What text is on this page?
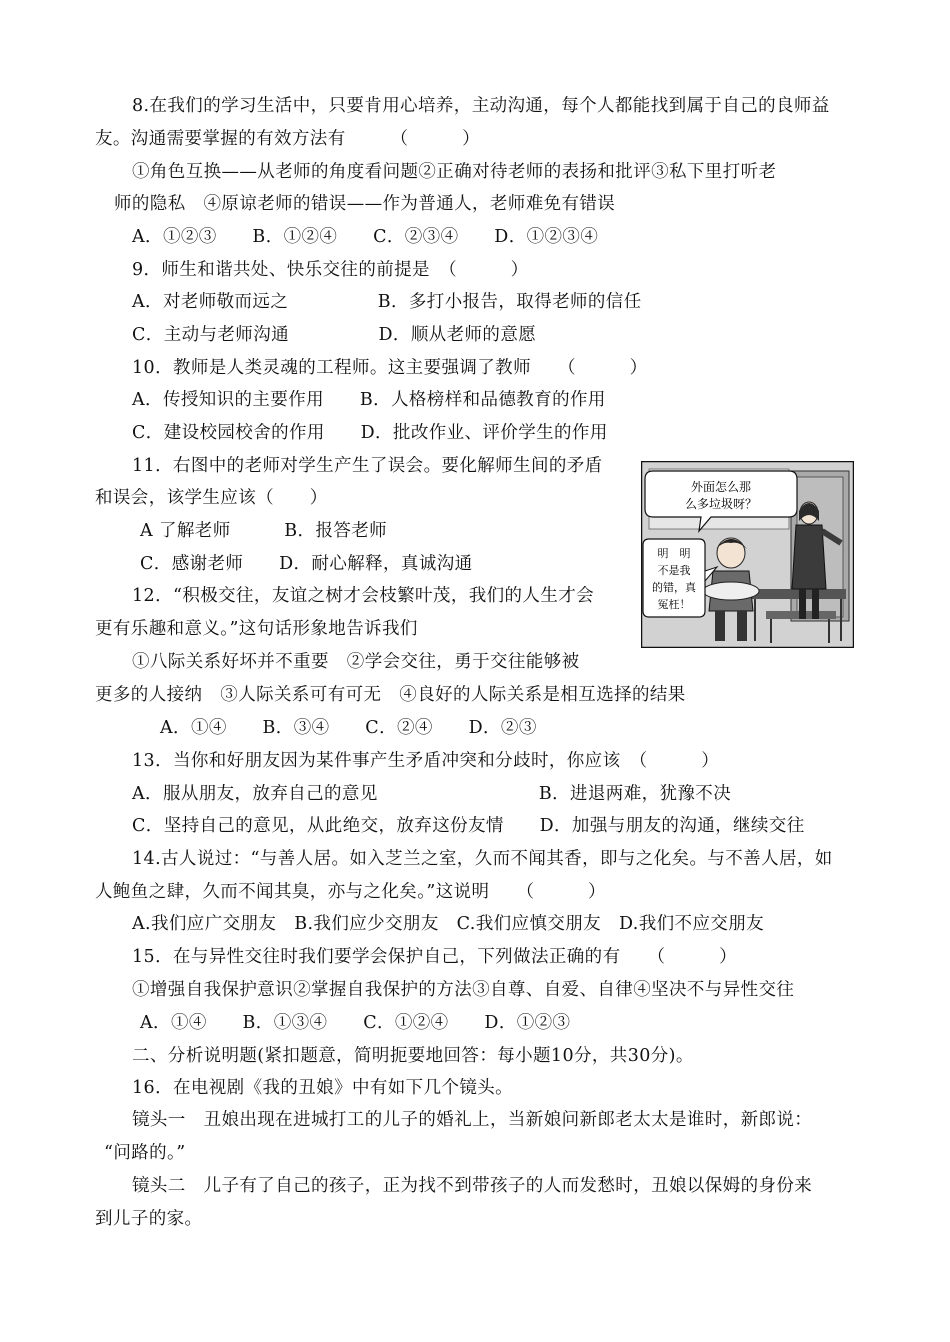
8.在我们的学习生活中，只要肯用心培养，主动沟通，每个人都能找到属于自己的良师益
友。沟通需要掌握的有效方法有　　　（　　　）
①角色互换——从老师的角度看问题②正确对待老师的表扬和批评③私下里打听老
师的隐私　④原谅老师的错误——作为普通人，老师难免有错误
A．①②③　　B．①②④　　C．②③④　　D．①②③④
9．师生和谐共处、快乐交往的前提是　（　　　）
A．对老师敬而远之　　　　　B．多打小报告，取得老师的信任
C．主动与老师沟通　　　　　D．顺从老师的意愿
10．教师是人类灵魂的工程师。这主要强调了教师　　（　　　）
A．传授知识的主要作用　　B．人格榜样和品德教育的作用
C．建设校园校舍的作用　　D．批改作业、评价学生的作用
11．右图中的老师对学生产生了误会。要化解师生间的矛盾
和误会，该学生应该（　　）
A 了解老师　　　B．报答老师
C．感谢老师　　D．耐心解释，真诚沟通
12．“积极交往，友谊之树才会枝繁叶茂，我们的人生才会
更有乐趣和意义。”这句话形象地告诉我们
①八际关系好坏并不重要　②学会交往，勇于交往能够被
更多的人接纳　③人际关系可有可无　④良好的人际关系是相互选择的结果
A．①④　　B．③④　　C．②④　　D．②③
13．当你和好朋友因为某件事产生矛盾冲突和分歧时，你应该　（　　　）
A．服从朋友，放弃自己的意见　　　　　　　　　B．进退两难，犹豫不决
C．坚持自己的意见，从此绝交，放弃这份友情　　D．加强与朋友的沟通，继续交往
14.古人说过：“与善人居。如入芝兰之室，久而不闻其香，即与之化矣。与不善人居，如
人鲍鱼之肆，久而不闻其臭，亦与之化矣。”这说明　　（　　　）
A.我们应广交朋友　B.我们应少交朋友　C.我们应慎交朋友　D.我们不应交朋友
15．在与异性交往时我们要学会保护自己，下列做法正确的有　　（　　　）
①增强自我保护意识②掌握自我保护的方法③自尊、自爱、自律④坚决不与异性交往
A．①④　　B．①③④　　C．①②④　　D．①②③
二、分析说明题(紧扣题意，简明扼要地回答：每小题10分，共30分)。
16．在电视剧《我的丑娘》中有如下几个镜头。
镜头一　丑娘出现在进城打工的儿子的婚礼上，当新娘问新郎老太太是谁时，新郎说：
“问路的。”
镜头二　儿子有了自己的孩子，正为找不到带孩子的人而发愁时，丑娘以保姆的身份来
到儿子的家。
外面怎么那
么多垃圾呀？
明　明
不是我
的错，真
冤枉！
